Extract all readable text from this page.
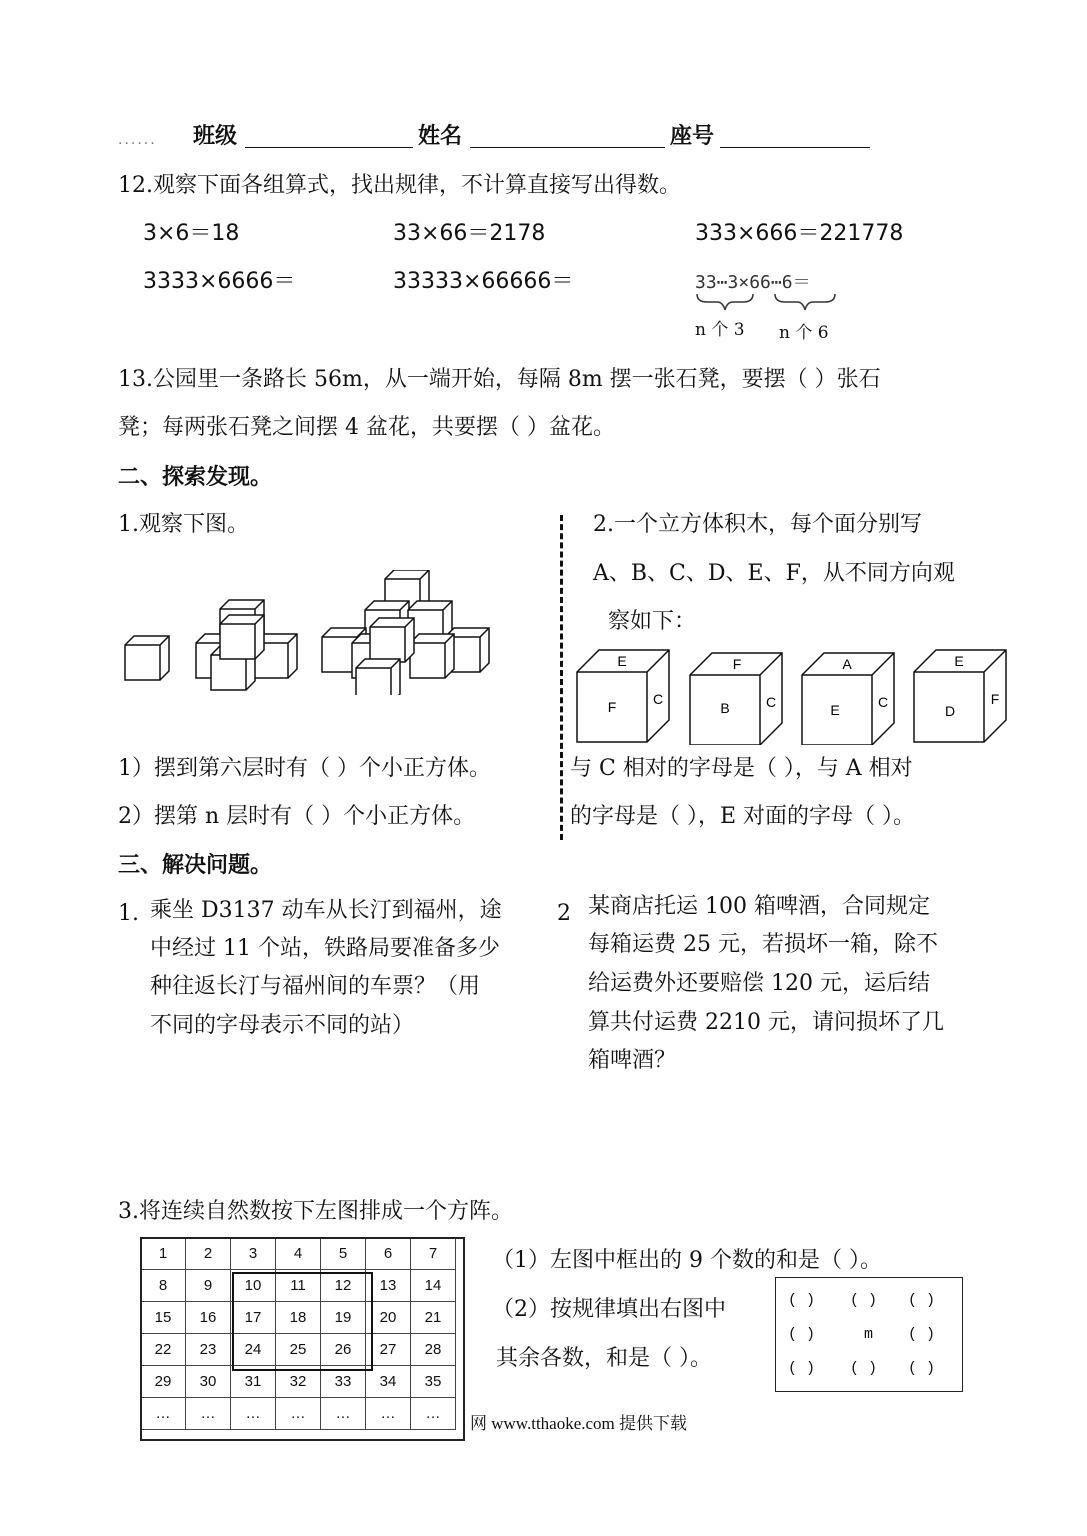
...... 班级	姓名	座号
12.观察下面各组算式，找出规律，不计算直接写出得数。
3×6＝18	33×66＝2178	333×666＝221778
3333×6666＝	33333×66666＝	33⋯3×66⋯6＝
n 个 3 n 个 6
13.公园里一条路长 56m，从一端开始，每隔 8m 摆一张石凳，要摆（ ）张石
凳；每两张石凳之间摆 4 盆花，共要摆（ ）盆花。
二、探索发现。
1.观察下图。
1）摆到第六层时有（ ）个小正方体。
2）摆第 n 层时有（ ）个小正方体。
2.一个立方体积木，每个面分别写
A、B、C、D、E、F，从不同方向观
察如下：
E
F	C
F
B	C
A
E	C
E
D
F
与 C 相对的字母是（ ），与 A 相对
的字母是（ ），E 对面的字母（ ）。
三、解决问题。
1. 乘坐 D3137 动车从长汀到福州，途
中经过 11 个站，铁路局要准备多少
种往返长汀与福州间的车票？（用
不同的字母表示不同的站）
2 某商店托运 100 箱啤酒，合同规定
每箱运费 25 元，若损坏一箱，除不
给运费外还要赔偿 120 元，运后结
算共付运费 2210 元，请问损坏了几
箱啤酒？
3.将连续自然数按下左图排成一个方阵。
1	2	3	4	5	6	7
8	9	10	11	12	13	14
15	16	17	18	19	20	21
22	23	24	25	26	27	28
29	30	31	32	33	34	35
…	…	…	…	…	…	…
（1）左图中框出的 9 个数的和是（ ）。
（2）按规律填出右图中
其余各数，和是（ ）。
( ) ( ) ( )
( )	m ( )
( ) ( ) ( )
网 www.tthaoke.com 提供下载
